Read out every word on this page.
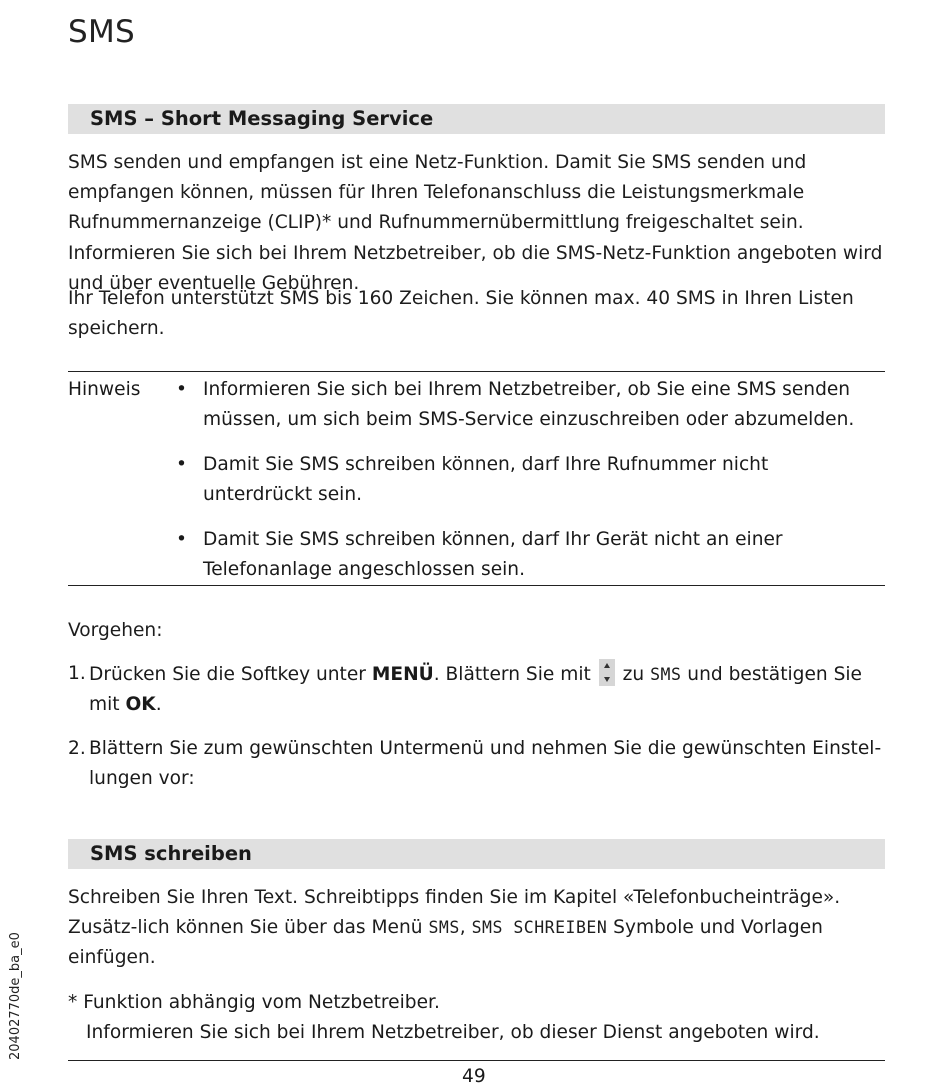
SMS
SMS – Short Messaging Service

SMS senden und empfangen ist eine Netz-Funktion. Damit Sie SMS senden und empfangen können, müssen für Ihren Telefonanschluss die Leistungsmerkmale Rufnummernanzeige (CLIP)* und Rufnummernübermittlung freigeschaltet sein. Informieren Sie sich bei Ihrem Netzbetreiber, ob die SMS-Netz-Funktion angeboten wird und über eventuelle Gebühren.

Ihr Telefon unterstützt SMS bis 160 Zeichen. Sie können max. 40 SMS in Ihren Listen speichern.

Hinweis • Informieren Sie sich bei Ihrem Netzbetreiber, ob Sie eine SMS senden müssen, um sich beim SMS-Service einzuschreiben oder abzumelden.
• Damit Sie SMS schreiben können, darf Ihre Rufnummer nicht unterdrückt sein.
• Damit Sie SMS schreiben können, darf Ihr Gerät nicht an einer Telefonanlage angeschlossen sein.
Vorgehen:
1. Drücken Sie die Softkey unter MENÜ. Blättern Sie mit
zu SMS und bestätigen Sie mit OK.
2. Blättern Sie zum gewünschten Untermenü und nehmen Sie die gewünschten Einstel-lungen vor:
SMS schreiben

Schreiben Sie Ihren Text. Schreibtipps finden Sie im Kapitel «Telefonbucheinträge». Zusätz-lich können Sie über das Menü SMS, SMS SCHREIBEN Symbole und Vorlagen einfügen.

* Funktion abhängig vom Netzbetreiber.
Informieren Sie sich bei Ihrem Netzbetreiber, ob dieser Dienst angeboten wird.
49
20402770de_ba_e0
